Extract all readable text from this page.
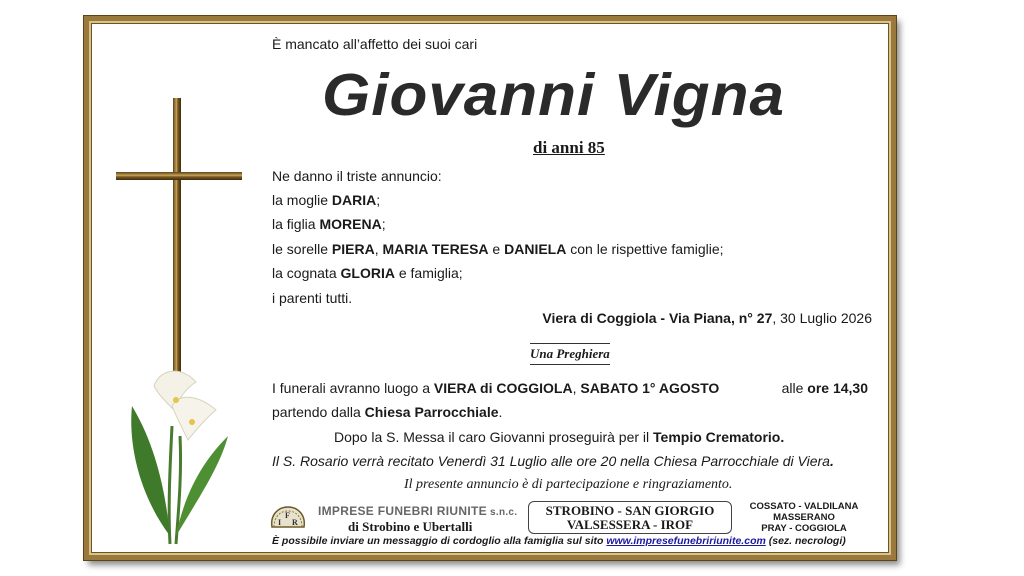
È mancato all’affetto dei suoi cari
Giovanni Vigna
di anni 85
Ne danno il triste annuncio:
la moglie DARIA;
la figlia MORENA;
le sorelle PIERA, MARIA TERESA e DANIELA con le rispettive famiglie;
la cognata GLORIA e famiglia;
i parenti tutti.
Viera di Coggiola - Via Piana, n° 27, 30 Luglio 2026
Una Preghiera
I funerali avranno luogo a VIERA di COGGIOLA, SABATO 1° AGOSTO	alle ore 14,30
partendo dalla Chiesa Parrocchiale.
Dopo la S. Messa il caro Giovanni proseguirà per il Tempio Crematorio.
Il S. Rosario verrà recitato Venerdì 31 Luglio alle ore 20 nella Chiesa Parrocchiale di Viera.
Il presente annuncio è di partecipazione e ringraziamento.
I
F
R
IMPRESE FUNEBRI RIUNITE s.n.c.
di Strobino e Ubertalli
STROBINO - SAN GIORGIO
VALSESSERA - IROF
COSSATO - VALDILANA
MASSERANO
PRAY - COGGIOLA
È possibile inviare un messaggio di cordoglio alla famiglia sul sito www.impresefunebririunite.com (sez. necrologi)
